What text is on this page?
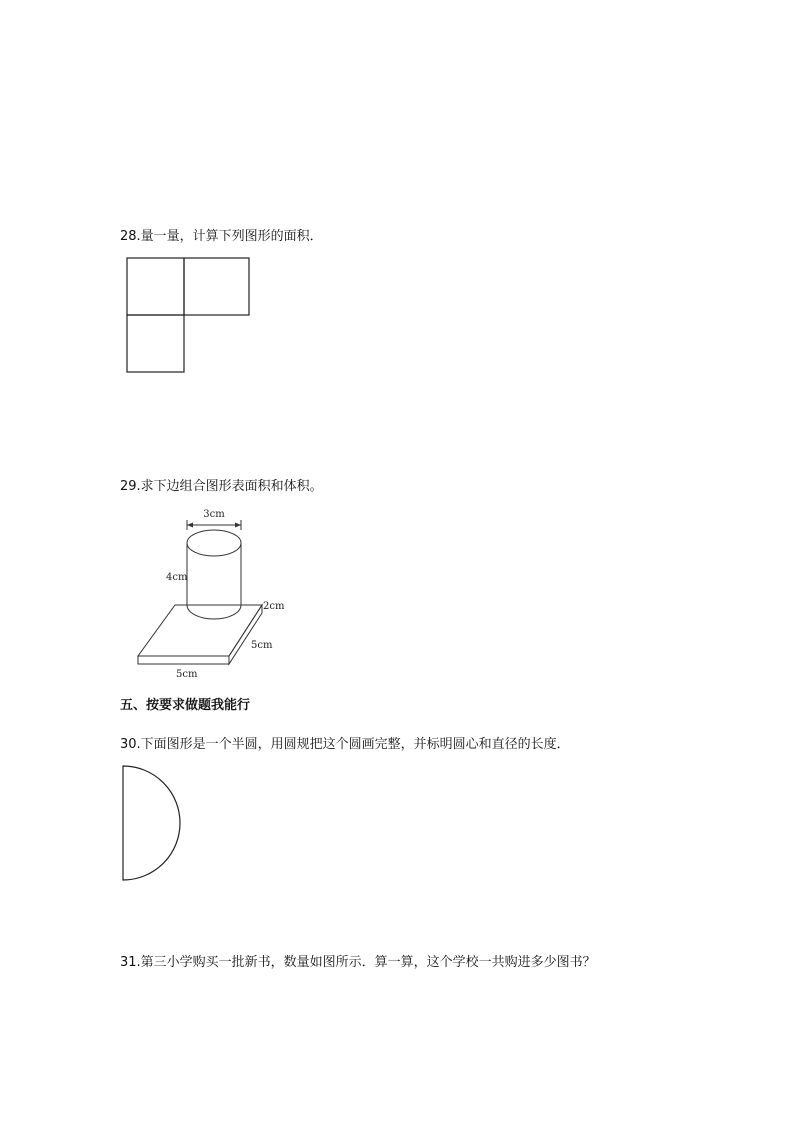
28.量一量，计算下列图形的面积．
29.求下边组合图形表面积和体积。
3cm
4cm
2cm
5cm
5cm
五、按要求做题我能行
30.下面图形是一个半圆，用圆规把这个圆画完整，并标明圆心和直径的长度．
31.第三小学购买一批新书，数量如图所示．算一算，这个学校一共购进多少图书？
